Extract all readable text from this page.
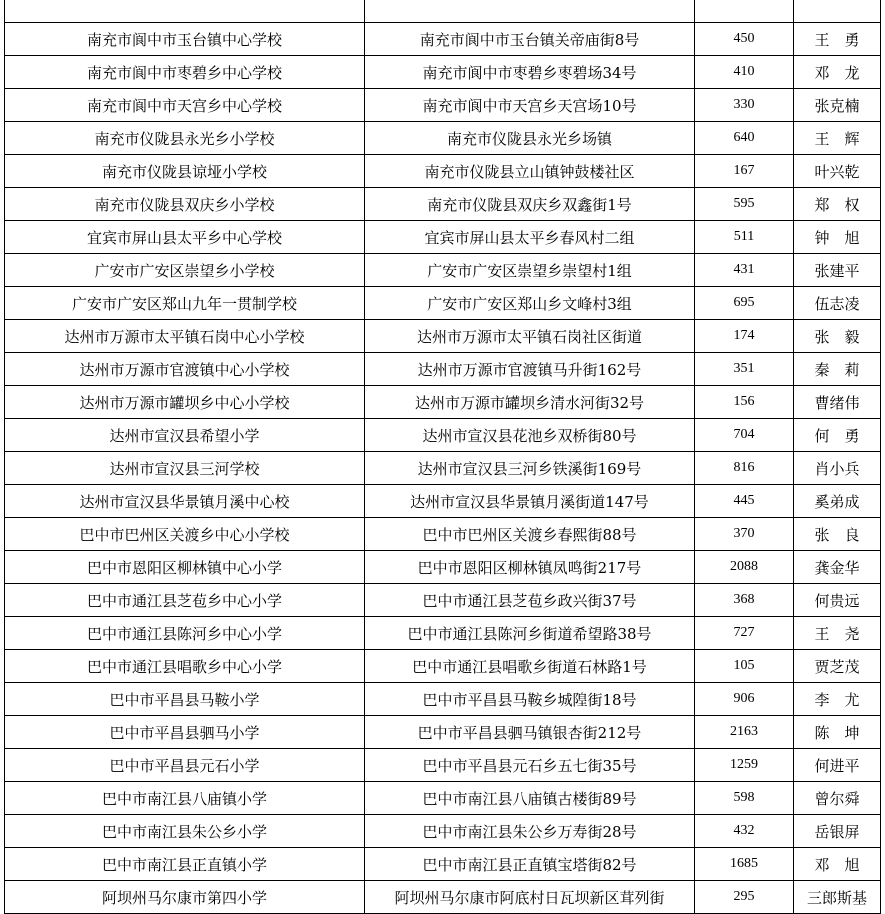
南充市阆中市玉台镇中心学校	南充市阆中市玉台镇关帝庙街8号	450	王　勇
南充市阆中市枣碧乡中心学校	南充市阆中市枣碧乡枣碧场34号	410	邓　龙
南充市阆中市天宫乡中心学校	南充市阆中市天宫乡天宫场10号	330	张克楠
南充市仪陇县永光乡小学校	南充市仪陇县永光乡场镇	640	王　辉
南充市仪陇县谅垭小学校	南充市仪陇县立山镇钟鼓楼社区	167	叶兴乾
南充市仪陇县双庆乡小学校	南充市仪陇县双庆乡双鑫街1号	595	郑　权
宜宾市屏山县太平乡中心学校	宜宾市屏山县太平乡春风村二组	511	钟　旭
广安市广安区崇望乡小学校	广安市广安区崇望乡崇望村1组	431	张建平
广安市广安区郑山九年一贯制学校	广安市广安区郑山乡文峰村3组	695	伍志凌
达州市万源市太平镇石岗中心小学校	达州市万源市太平镇石岗社区街道	174	张　毅
达州市万源市官渡镇中心小学校	达州市万源市官渡镇马升街162号	351	秦　莉
达州市万源市罐坝乡中心小学校	达州市万源市罐坝乡清水河街32号	156	曹绪伟
达州市宣汉县希望小学	达州市宣汉县花池乡双桥街80号	704	何　勇
达州市宣汉县三河学校	达州市宣汉县三河乡铁溪街169号	816	肖小兵
达州市宣汉县华景镇月溪中心校	达州市宣汉县华景镇月溪街道147号	445	奚弟成
巴中市巴州区关渡乡中心小学校	巴中市巴州区关渡乡春熙街88号	370	张　良
巴中市恩阳区柳林镇中心小学	巴中市恩阳区柳林镇凤鸣街217号	2088	龚金华
巴中市通江县芝苞乡中心小学	巴中市通江县芝苞乡政兴街37号	368	何贵远
巴中市通江县陈河乡中心小学	巴中市通江县陈河乡街道希望路38号	727	王　尧
巴中市通江县唱歌乡中心小学	巴中市通江县唱歌乡街道石林路1号	105	贾芝茂
巴中市平昌县马鞍小学	巴中市平昌县马鞍乡城隍街18号	906	李　尤
巴中市平昌县驷马小学	巴中市平昌县驷马镇银杏街212号	2163	陈　坤
巴中市平昌县元石小学	巴中市平昌县元石乡五七街35号	1259	何进平
巴中市南江县八庙镇小学	巴中市南江县八庙镇古楼街89号	598	曾尔舜
巴中市南江县朱公乡小学	巴中市南江县朱公乡万寿街28号	432	岳银屏
巴中市南江县正直镇小学	巴中市南江县正直镇宝塔街82号	1685	邓　旭
阿坝州马尔康市第四小学	阿坝州马尔康市阿底村日瓦坝新区茸列街	295	三郎斯基
